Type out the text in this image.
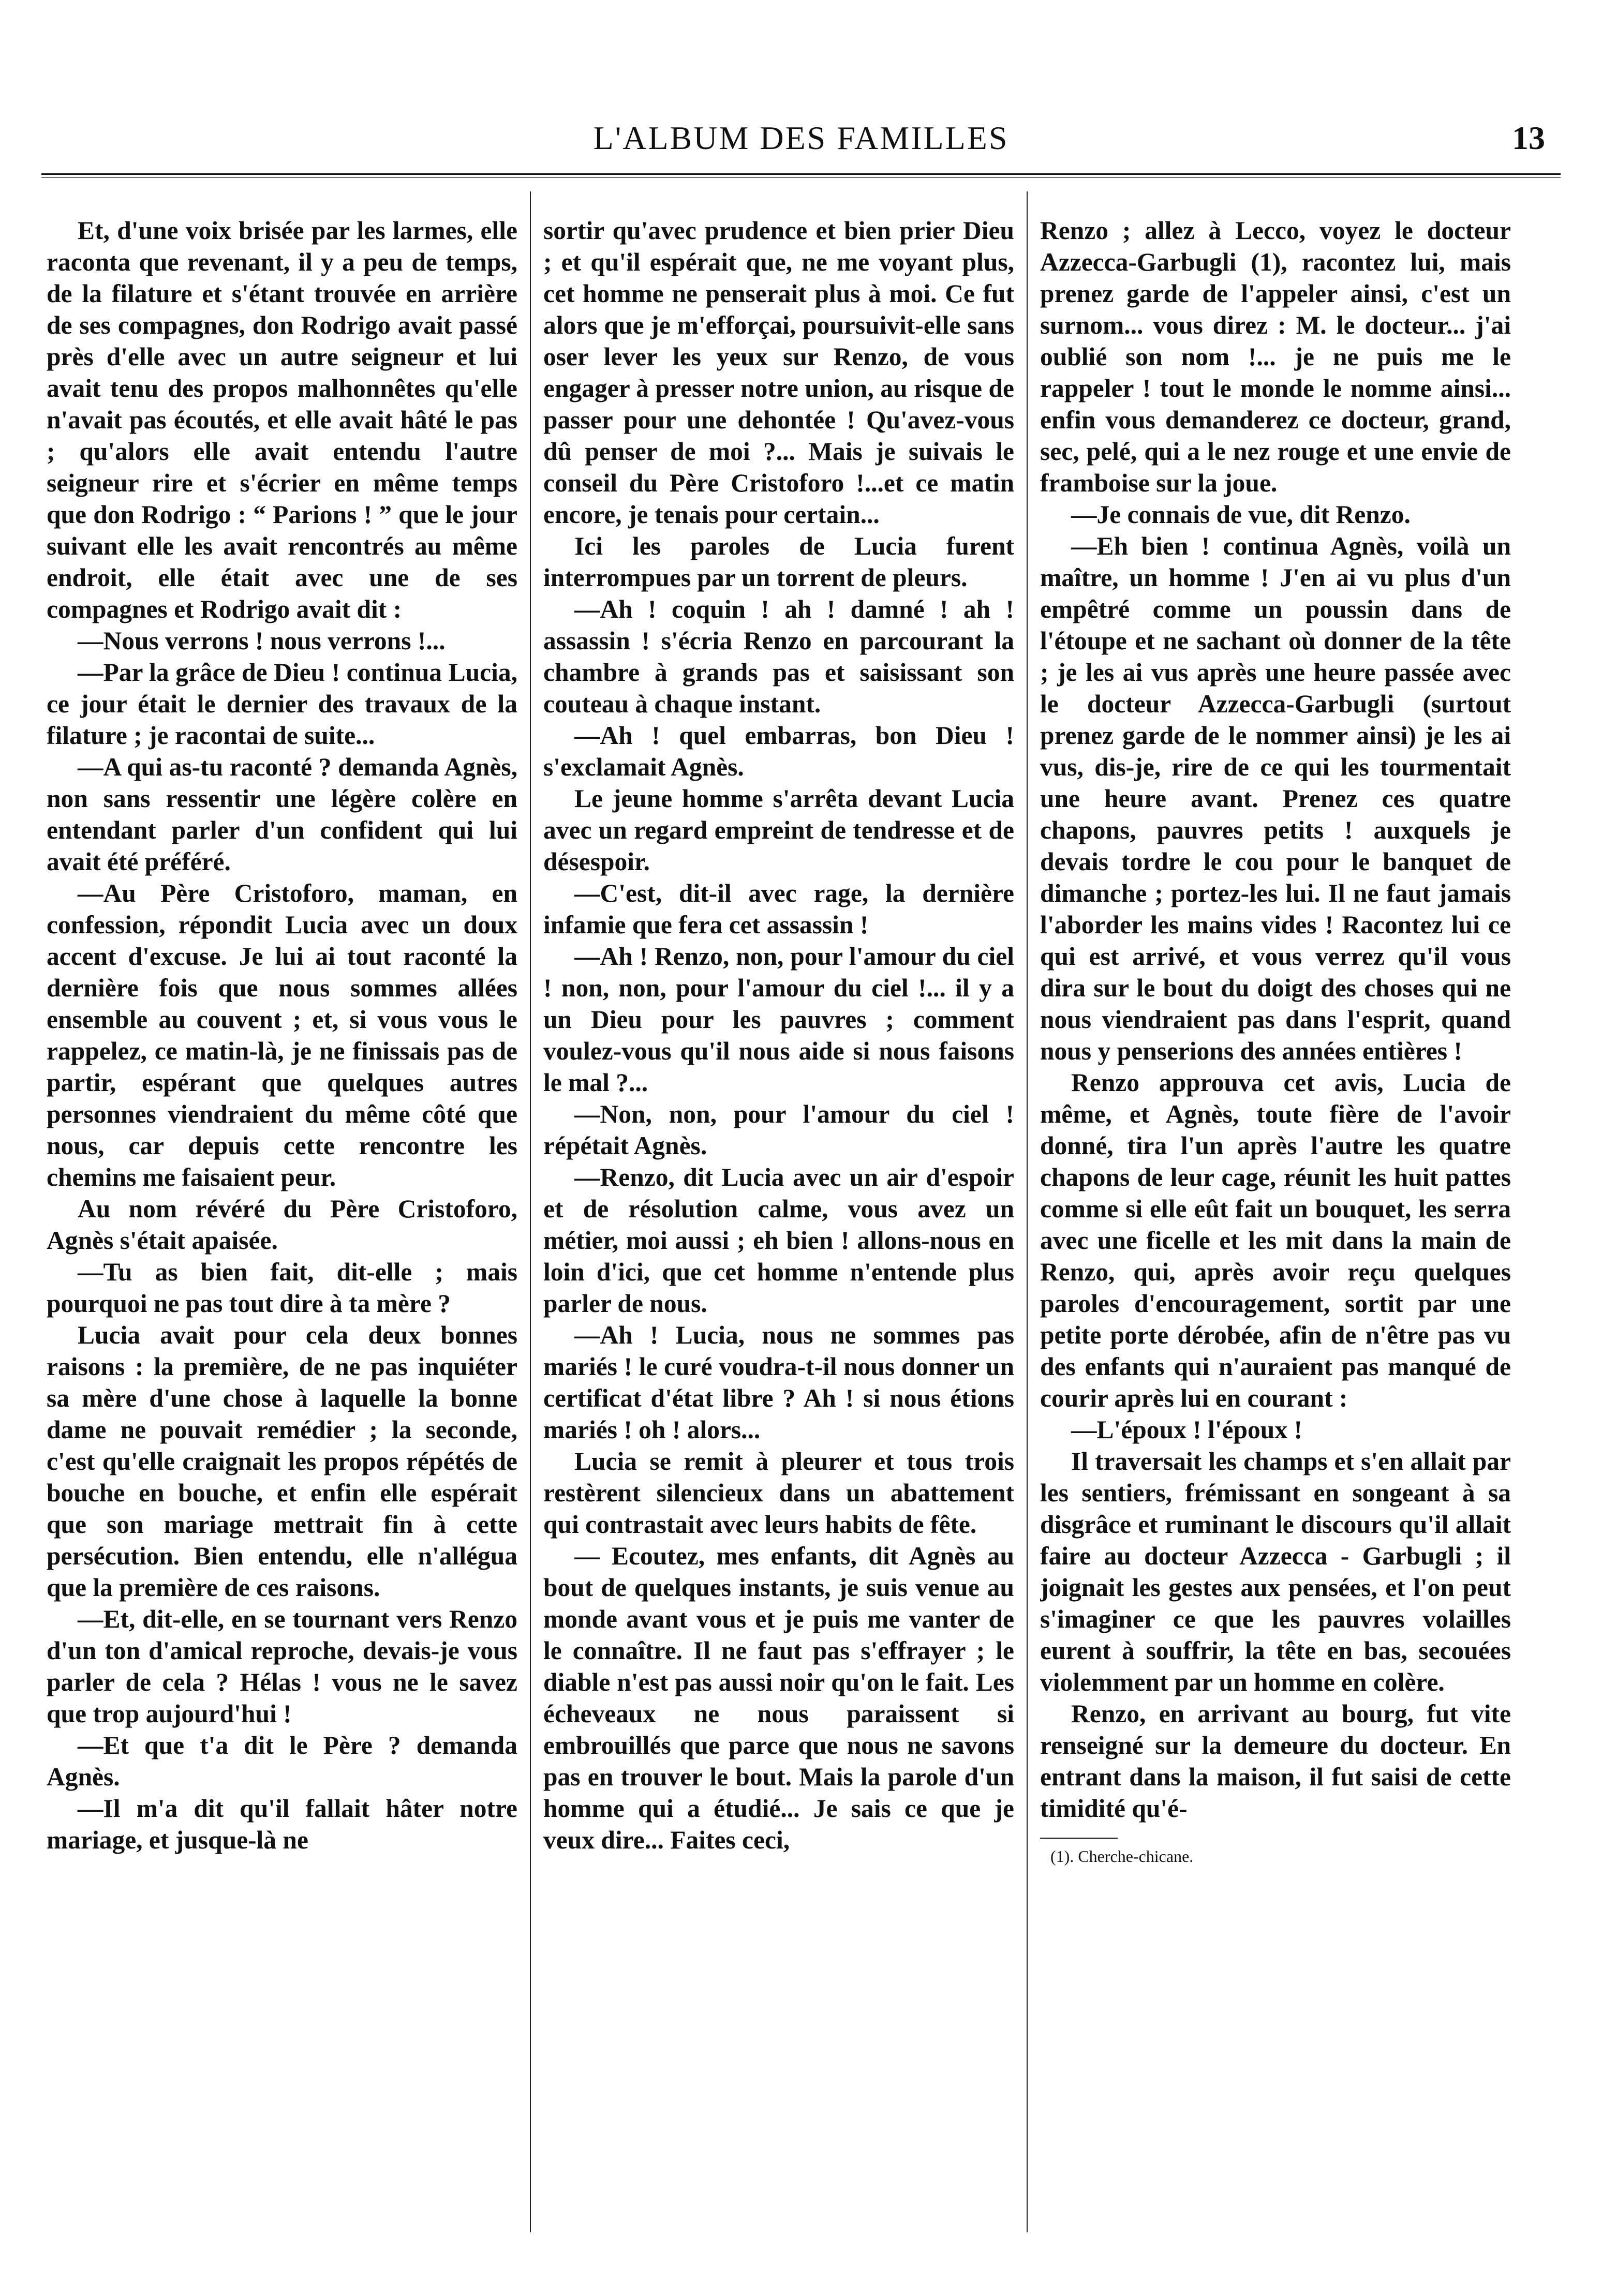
L'ALBUM DES FAMILLES	13

Et, d'une voix brisée par les larmes, elle raconta que revenant, il y a peu de temps, de la filature et s'étant trouvée en arrière de ses compagnes, don Rodrigo avait passé près d'elle avec un autre seigneur et lui avait tenu des propos malhonnêtes qu'elle n'avait pas écoutés, et elle avait hâté le pas ; qu'alors elle avait entendu l'autre seigneur rire et s'écrier en même temps que don Rodrigo : “ Parions ! ” que le jour suivant elle les avait rencontrés au même endroit, elle était avec une de ses compagnes et Rodrigo avait dit :

—Nous verrons ! nous verrons !...

—Par la grâce de Dieu ! continua Lucia, ce jour était le dernier des travaux de la filature ; je racontai de suite...

—A qui as-tu raconté ? demanda Agnès, non sans ressentir une légère colère en entendant parler d'un confident qui lui avait été préféré.

—Au Père Cristoforo, maman, en confession, répondit Lucia avec un doux accent d'excuse. Je lui ai tout raconté la dernière fois que nous sommes allées ensemble au couvent ; et, si vous vous le rappelez, ce matin-là, je ne finissais pas de partir, espérant que quelques autres personnes viendraient du même côté que nous, car depuis cette rencontre les chemins me faisaient peur.

Au nom révéré du Père Cristoforo, Agnès s'était apaisée.

—Tu as bien fait, dit-elle ; mais pourquoi ne pas tout dire à ta mère ?

Lucia avait pour cela deux bonnes raisons : la première, de ne pas inquiéter sa mère d'une chose à laquelle la bonne dame ne pouvait remédier ; la seconde, c'est qu'elle craignait les propos répétés de bouche en bouche, et enfin elle espérait que son mariage mettrait fin à cette persécution. Bien entendu, elle n'allégua que la première de ces raisons.

—Et, dit-elle, en se tournant vers Renzo d'un ton d'amical reproche, devais-je vous parler de cela ? Hélas ! vous ne le savez que trop aujourd'hui !

—Et que t'a dit le Père ? demanda Agnès.

—Il m'a dit qu'il fallait hâter notre mariage, et jusque-là ne

sortir qu'avec prudence et bien prier Dieu ; et qu'il espérait que, ne me voyant plus, cet homme ne penserait plus à moi. Ce fut alors que je m'efforçai, poursuivit-elle sans oser lever les yeux sur Renzo, de vous engager à presser notre union, au risque de passer pour une dehontée ! Qu'avez-vous dû penser de moi ?... Mais je suivais le conseil du Père Cristoforo !...et ce matin encore, je tenais pour certain...

Ici les paroles de Lucia furent interrompues par un torrent de pleurs.

—Ah ! coquin ! ah ! damné ! ah ! assassin ! s'écria Renzo en parcourant la chambre à grands pas et saisissant son couteau à chaque instant.

—Ah ! quel embarras, bon Dieu ! s'exclamait Agnès.

Le jeune homme s'arrêta devant Lucia avec un regard empreint de tendresse et de désespoir.

—C'est, dit-il avec rage, la dernière infamie que fera cet assassin !

—Ah ! Renzo, non, pour l'amour du ciel ! non, non, pour l'amour du ciel !... il y a un Dieu pour les pauvres ; comment voulez-vous qu'il nous aide si nous faisons le mal ?...

—Non, non, pour l'amour du ciel ! répétait Agnès.

—Renzo, dit Lucia avec un air d'espoir et de résolution calme, vous avez un métier, moi aussi ; eh bien ! allons-nous en loin d'ici, que cet homme n'entende plus parler de nous.

—Ah ! Lucia, nous ne sommes pas mariés ! le curé voudra-t-il nous donner un certificat d'état libre ? Ah ! si nous étions mariés ! oh ! alors...

Lucia se remit à pleurer et tous trois restèrent silencieux dans un abattement qui contrastait avec leurs habits de fête.

— Ecoutez, mes enfants, dit Agnès au bout de quelques instants, je suis venue au monde avant vous et je puis me vanter de le connaître. Il ne faut pas s'effrayer ; le diable n'est pas aussi noir qu'on le fait. Les écheveaux ne nous paraissent si embrouillés que parce que nous ne savons pas en trouver le bout. Mais la parole d'un homme qui a étudié... Je sais ce que je veux dire... Faites ceci,

Renzo ; allez à Lecco, voyez le docteur Azzecca-Garbugli (1), racontez lui, mais prenez garde de l'appeler ainsi, c'est un surnom... vous direz : M. le docteur... j'ai oublié son nom !... je ne puis me le rappeler ! tout le monde le nomme ainsi... enfin vous demanderez ce docteur, grand, sec, pelé, qui a le nez rouge et une envie de framboise sur la joue.

—Je connais de vue, dit Renzo.

—Eh bien ! continua Agnès, voilà un maître, un homme ! J'en ai vu plus d'un empêtré comme un poussin dans de l'étoupe et ne sachant où donner de la tête ; je les ai vus après une heure passée avec le docteur Azzecca-Garbugli (surtout prenez garde de le nommer ainsi) je les ai vus, dis-je, rire de ce qui les tourmentait une heure avant. Prenez ces quatre chapons, pauvres petits ! auxquels je devais tordre le cou pour le banquet de dimanche ; portez-les lui. Il ne faut jamais l'aborder les mains vides ! Racontez lui ce qui est arrivé, et vous verrez qu'il vous dira sur le bout du doigt des choses qui ne nous viendraient pas dans l'esprit, quand nous y penserions des années entières !

Renzo approuva cet avis, Lucia de même, et Agnès, toute fière de l'avoir donné, tira l'un après l'autre les quatre chapons de leur cage, réunit les huit pattes comme si elle eût fait un bouquet, les serra avec une ficelle et les mit dans la main de Renzo, qui, après avoir reçu quelques paroles d'encouragement, sortit par une petite porte dérobée, afin de n'être pas vu des enfants qui n'auraient pas manqué de courir après lui en courant :

—L'époux ! l'époux !

Il traversait les champs et s'en allait par les sentiers, frémissant en songeant à sa disgrâce et ruminant le discours qu'il allait faire au docteur Azzecca - Garbugli ; il joignait les gestes aux pensées, et l'on peut s'imaginer ce que les pauvres volailles eurent à souffrir, la tête en bas, secouées violemment par un homme en colère.

Renzo, en arrivant au bourg, fut vite renseigné sur la demeure du docteur. En entrant dans la maison, il fut saisi de cette timidité qu'é-

(1). Cherche-chicane.
